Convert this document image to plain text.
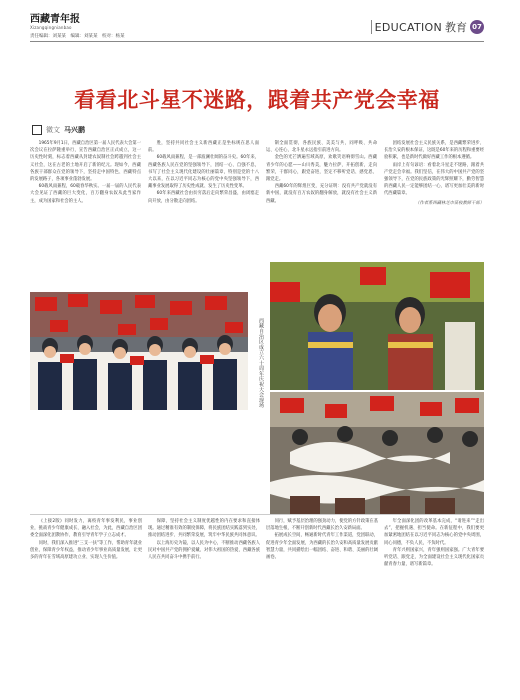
西藏青年报
Xizangqingnianbao
责任编辑：刘某某　编辑：刘某某　校对：杨某
EDUCATION 教育 07
看看北斗星不迷路，跟着共产党会幸福
微文 马兴鹏

1965年9月1日，西藏自治区第一届人民代表大会第一次会议在拉萨隆重举行，宣告西藏自治区正式成立，这一历史性时刻，标志着西藏从封建农奴制社会跨越到社会主义社会，这在古老的土地开启了新的纪元。现如今，西藏各族干部群众在党的领导下，坚持走中国特色、西藏特点的发展路子，各项事业蓬勃发展。

60载风雨兼程，60载春华秋实。一届一届的人民代表大会见证了西藏的巨大变化，百万翻身农奴从此当家作主，成为国家和社会的主人。

胜，坚持共同社会主义新西藏正是坐标规在思人面前。

60载风雨兼程，是一部波澜壮阔的奋斗史。60年来，西藏各族人民在党的坚强领导下，团结一心、自强不息，书写了社会主义现代化建设的壮丽篇章，特别是党的十八大以来，在以习近平同志为核心的党中央坚强领导下，西藏事业发展取得了历史性成就、发生了历史性变革。

60年来西藏社会由贫穷落后走向繁荣昌盛，由闭塞走向开放，由分散走向团结。

制全面贯彻，各族民族、美美与共，同呼吸、共命运、心连心，北斗星永远指引前进方向。

金色的光芒洒遍雪域高原，欢歌笑语响彻雪山。西藏青少年的心愿——山川秀美，魅力拉萨，开拓创新，走向繁荣，干群同心，跟党奋进，坚定不移听党话、感党恩、跟党走。

西藏60年的辉煌巨变，充分证明：没有共产党就没有新中国，就没有百万农奴的翻身解放，就没有社会主义新西藏。

团结发展社会主义民族关系，是西藏繁荣进步、长治久安的根本保证，这既是60年来的历程和重要经验积累，也是新时代做好西藏工作的根本遵循。

雨岸上有句谚语：看着北斗星走不迷路，跟着共产党走会幸福。我们坚信，在伟大的中国共产党的坚强领导下，在党的民族政策的光辉照耀下，勤劳智慧的西藏人民一定能够团结一心，谱写更加壮美的新时代西藏篇章。

（作者系西藏林芝市某校教师干部）
西藏自治区成立六十周年庆祝大会现场

《上接2版》同时发力，离校青年事发利民，事业创业，挑战青少年健康成长、融入社会，为此，西藏自治区团委全面深化团教协作，教育引导青年学子立志成才。

同时，我们深入推进“三支一扶”等工作，帮助青年就业创业，保障青少年权益，推动青少年事业高质量发展，让更多的青年在雪域高原建功立业、实现人生价值。

保障，坚持社会主义制度优越性的内在要求和直接体现。通过精准有效的制度保障，将民族团结实践落到实处，推动团结进步、共同繁荣发展，筑牢中华民族共同体意识。

以上海历史为镜，以人民为中心，不断推动西藏各族人民对中国共产党的拥护爱戴、对伟大祖国的热爱，西藏各族人民在共同奋斗中携手前行。

同行，赋予基层治理的强劲动力，使党的方针政策在基层落地生根，不断开创新时代西藏长治久安新局面。

拓展成长空间，畅通新时代青年工作渠道，党团联动，促进青少年全面发展，为西藏的长治久安和高质量发展贡献智慧力量，共同描绘出一幅团结、奋进、和谐、美丽的壮阔画卷。

年全面深化团的改革基本完成，“请进来”“走出去”，把握机遇、担当使命。在新征程中，我们要更加紧密地团结在以习近平同志为核心的党中央周围，同心同德，不负人民，不负时代。

青年兴则国家兴，青年强则国家强。广大青年要听党话、跟党走，为全面建设社会主义现代化国家贡献青春力量，谱写新篇章。
